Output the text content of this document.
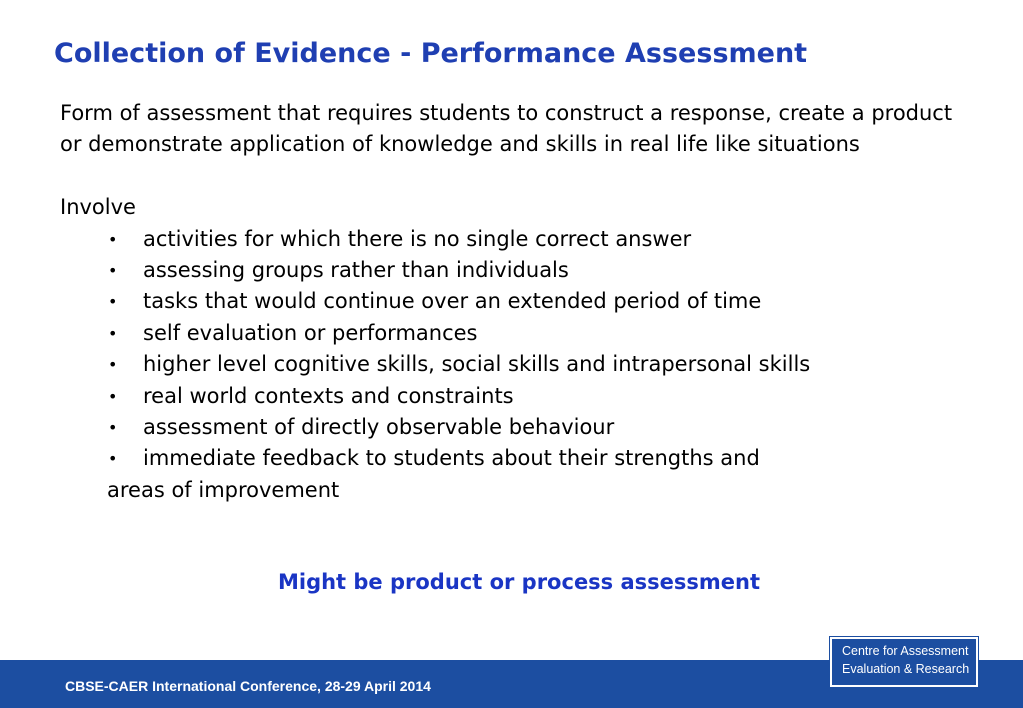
Collection of Evidence - Performance Assessment

Form of assessment that requires students to construct a response, create a product or demonstrate application of knowledge and skills in real life like situations

Involve
• activities for which there is no single correct answer
• assessing groups rather than individuals
• tasks that would continue over an extended period of time
• self evaluation or performances
• higher level cognitive skills, social skills and intrapersonal skills
• real world contexts and constraints
• assessment of directly observable behaviour
• immediate feedback to students about their strengths and
areas of improvement
Might be product or process assessment
CBSE-CAER International Conference, 28-29 April 2014
Centre for Assessment
Evaluation & Research
